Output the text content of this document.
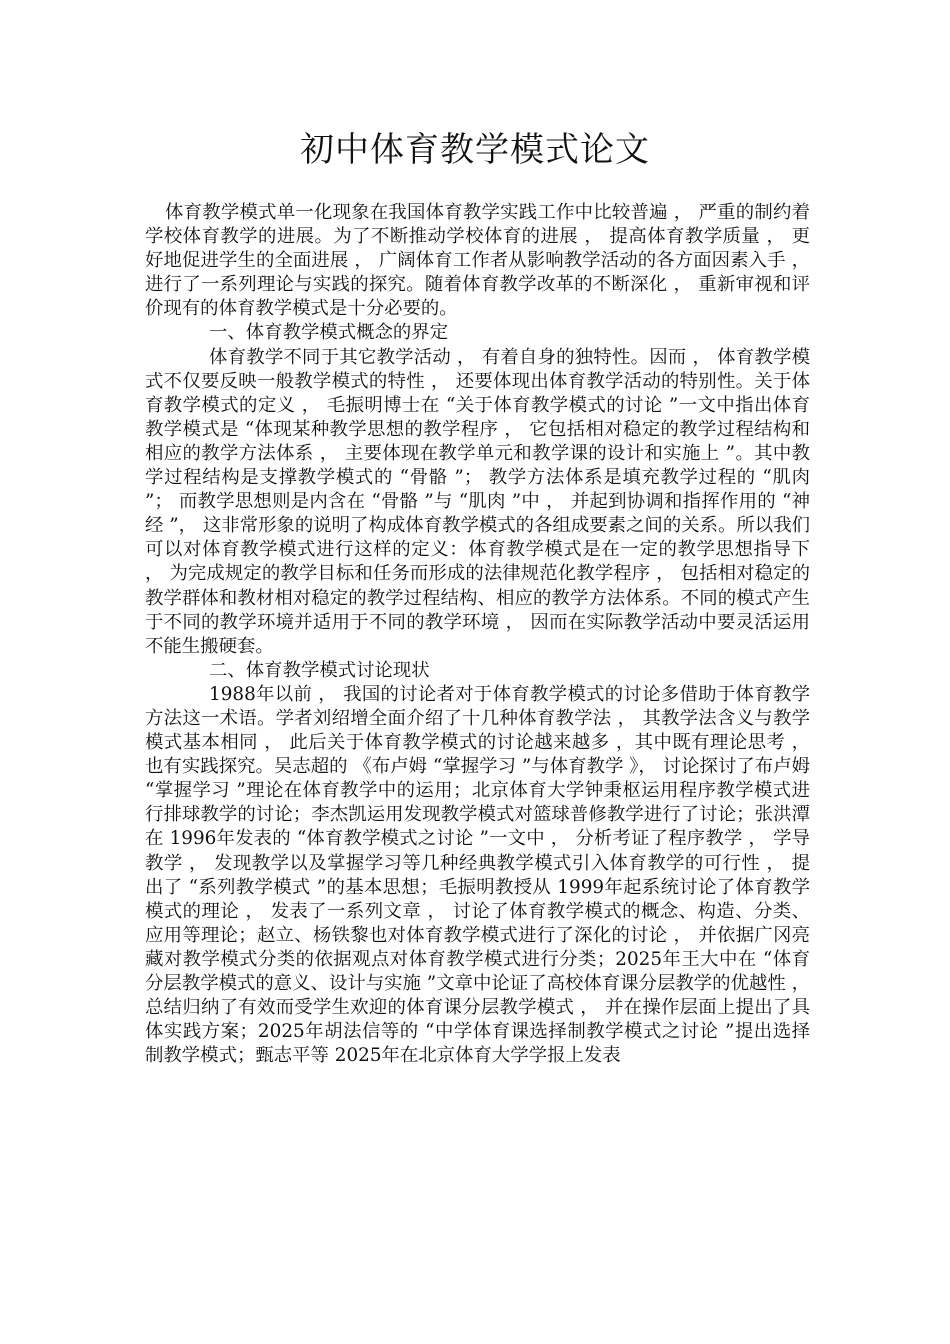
初中体育教学模式论文

体育教学模式单一化现象在我国体育教学实践工作中比较普遍 ， 严重的制约着学校体育教学的进展。为了不断推动学校体育的进展 ， 提高体育教学质量 ， 更好地促进学生的全面进展 ， 广阔体育工作者从影响教学活动的各方面因素入手 ， 进行了一系列理论与实践的探究。随着体育教学改革的不断深化 ， 重新审视和评价现有的体育教学模式是十分必要的。

一、体育教学模式概念的界定

体育教学不同于其它教学活动 ， 有着自身的独特性。因而 ， 体育教学模式不仅要反映一般教学模式的特性 ， 还要体现出体育教学活动的特别性。关于体育教学模式的定义 ， 毛振明博士在 “关于体育教学模式的讨论 ”一文中指出体育教学模式是 “体现某种教学思想的教学程序 ， 它包括相对稳定的教学过程结构和相应的教学方法体系 ， 主要体现在教学单元和教学课的设计和实施上 ”。其中教学过程结构是支撑教学模式的 “骨骼 ”； 教学方法体系是填充教学过程的 “肌肉 ”； 而教学思想则是内含在 “骨骼 ”与 “肌肉 ”中 ， 并起到协调和指挥作用的 “神经 ”， 这非常形象的说明了构成体育教学模式的各组成要素之间的关系。所以我们可以对体育教学模式进行这样的定义：体育教学模式是在一定的教学思想指导下 ， 为完成规定的教学目标和任务而形成的法律规范化教学程序 ， 包括相对稳定的教学群体和教材相对稳定的教学过程结构、相应的教学方法体系。不同的模式产生于不同的教学环境并适用于不同的教学环境 ， 因而在实际教学活动中要灵活运用不能生搬硬套。

二、体育教学模式讨论现状

1988年以前 ， 我国的讨论者对于体育教学模式的讨论多借助于体育教学方法这一术语。学者刘绍增全面介绍了十几种体育教学法 ， 其教学法含义与教学模式基本相同 ， 此后关于体育教学模式的讨论越来越多 ，其中既有理论思考 ， 也有实践探究。吴志超的 《布卢姆 “掌握学习 ”与体育教学 》， 讨论探讨了布卢姆 “掌握学习 ”理论在体育教学中的运用；北京体育大学钟秉枢运用程序教学模式进行排球教学的讨论；李杰凯运用发现教学模式对篮球普修教学进行了讨论；张洪潭在 1996年发表的 “体育教学模式之讨论 ”一文中 ， 分析考证了程序教学 ， 学导教学 ， 发现教学以及掌握学习等几种经典教学模式引入体育教学的可行性 ， 提出了 “系列教学模式 ”的基本思想；毛振明教授从 1999年起系统讨论了体育教学模式的理论 ， 发表了一系列文章 ， 讨论了体育教学模式的概念、构造、分类、应用等理论；赵立、杨铁黎也对体育教学模式进行了深化的讨论 ， 并依据广冈亮藏对教学模式分类的依据观点对体育教学模式进行分类；2025年王大中在 “体育分层教学模式的意义、设计与实施 ”文章中论证了高校体育课分层教学的优越性 ， 总结归纳了有效而受学生欢迎的体育课分层教学模式 ， 并在操作层面上提出了具体实践方案；2025年胡法信等的 “中学体育课选择制教学模式之讨论 ”提出选择制教学模式；甄志平等 2025年在北京体育大学学报上发表
